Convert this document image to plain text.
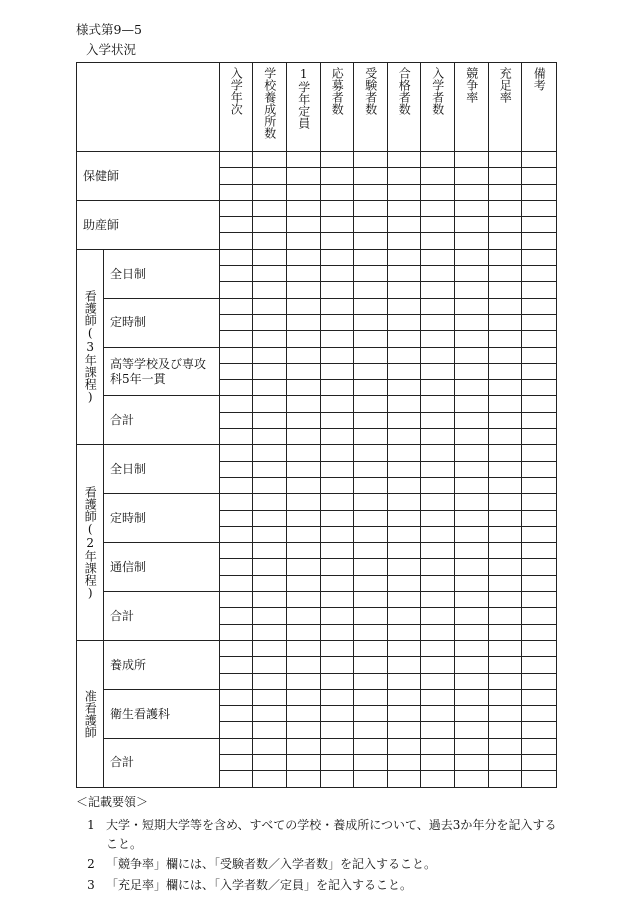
様式第9—5
入学状況

		入学年次	学校養成所数	1学年定員	応募者数	受験者数	合格者数	入学者数	競争率	充足率	備考

保健師											

助産師											

看護師(3年課程)	全日制										

	定時制										

	高等学校及び専攻科5年一貫										

	合計										

看護師(2年課程)	全日制										

	定時制										

	通信制										

	合計										

准看護師	養成所										

	衛生看護科										

	合計										

＜記載要領＞
1 大学・短期大学等を含め、すべての学校・養成所について、過去3か年分を記入すること。
2 「競争率」欄には、「受験者数／入学者数」を記入すること。
3 「充足率」欄には、「入学者数／定員」を記入すること。
